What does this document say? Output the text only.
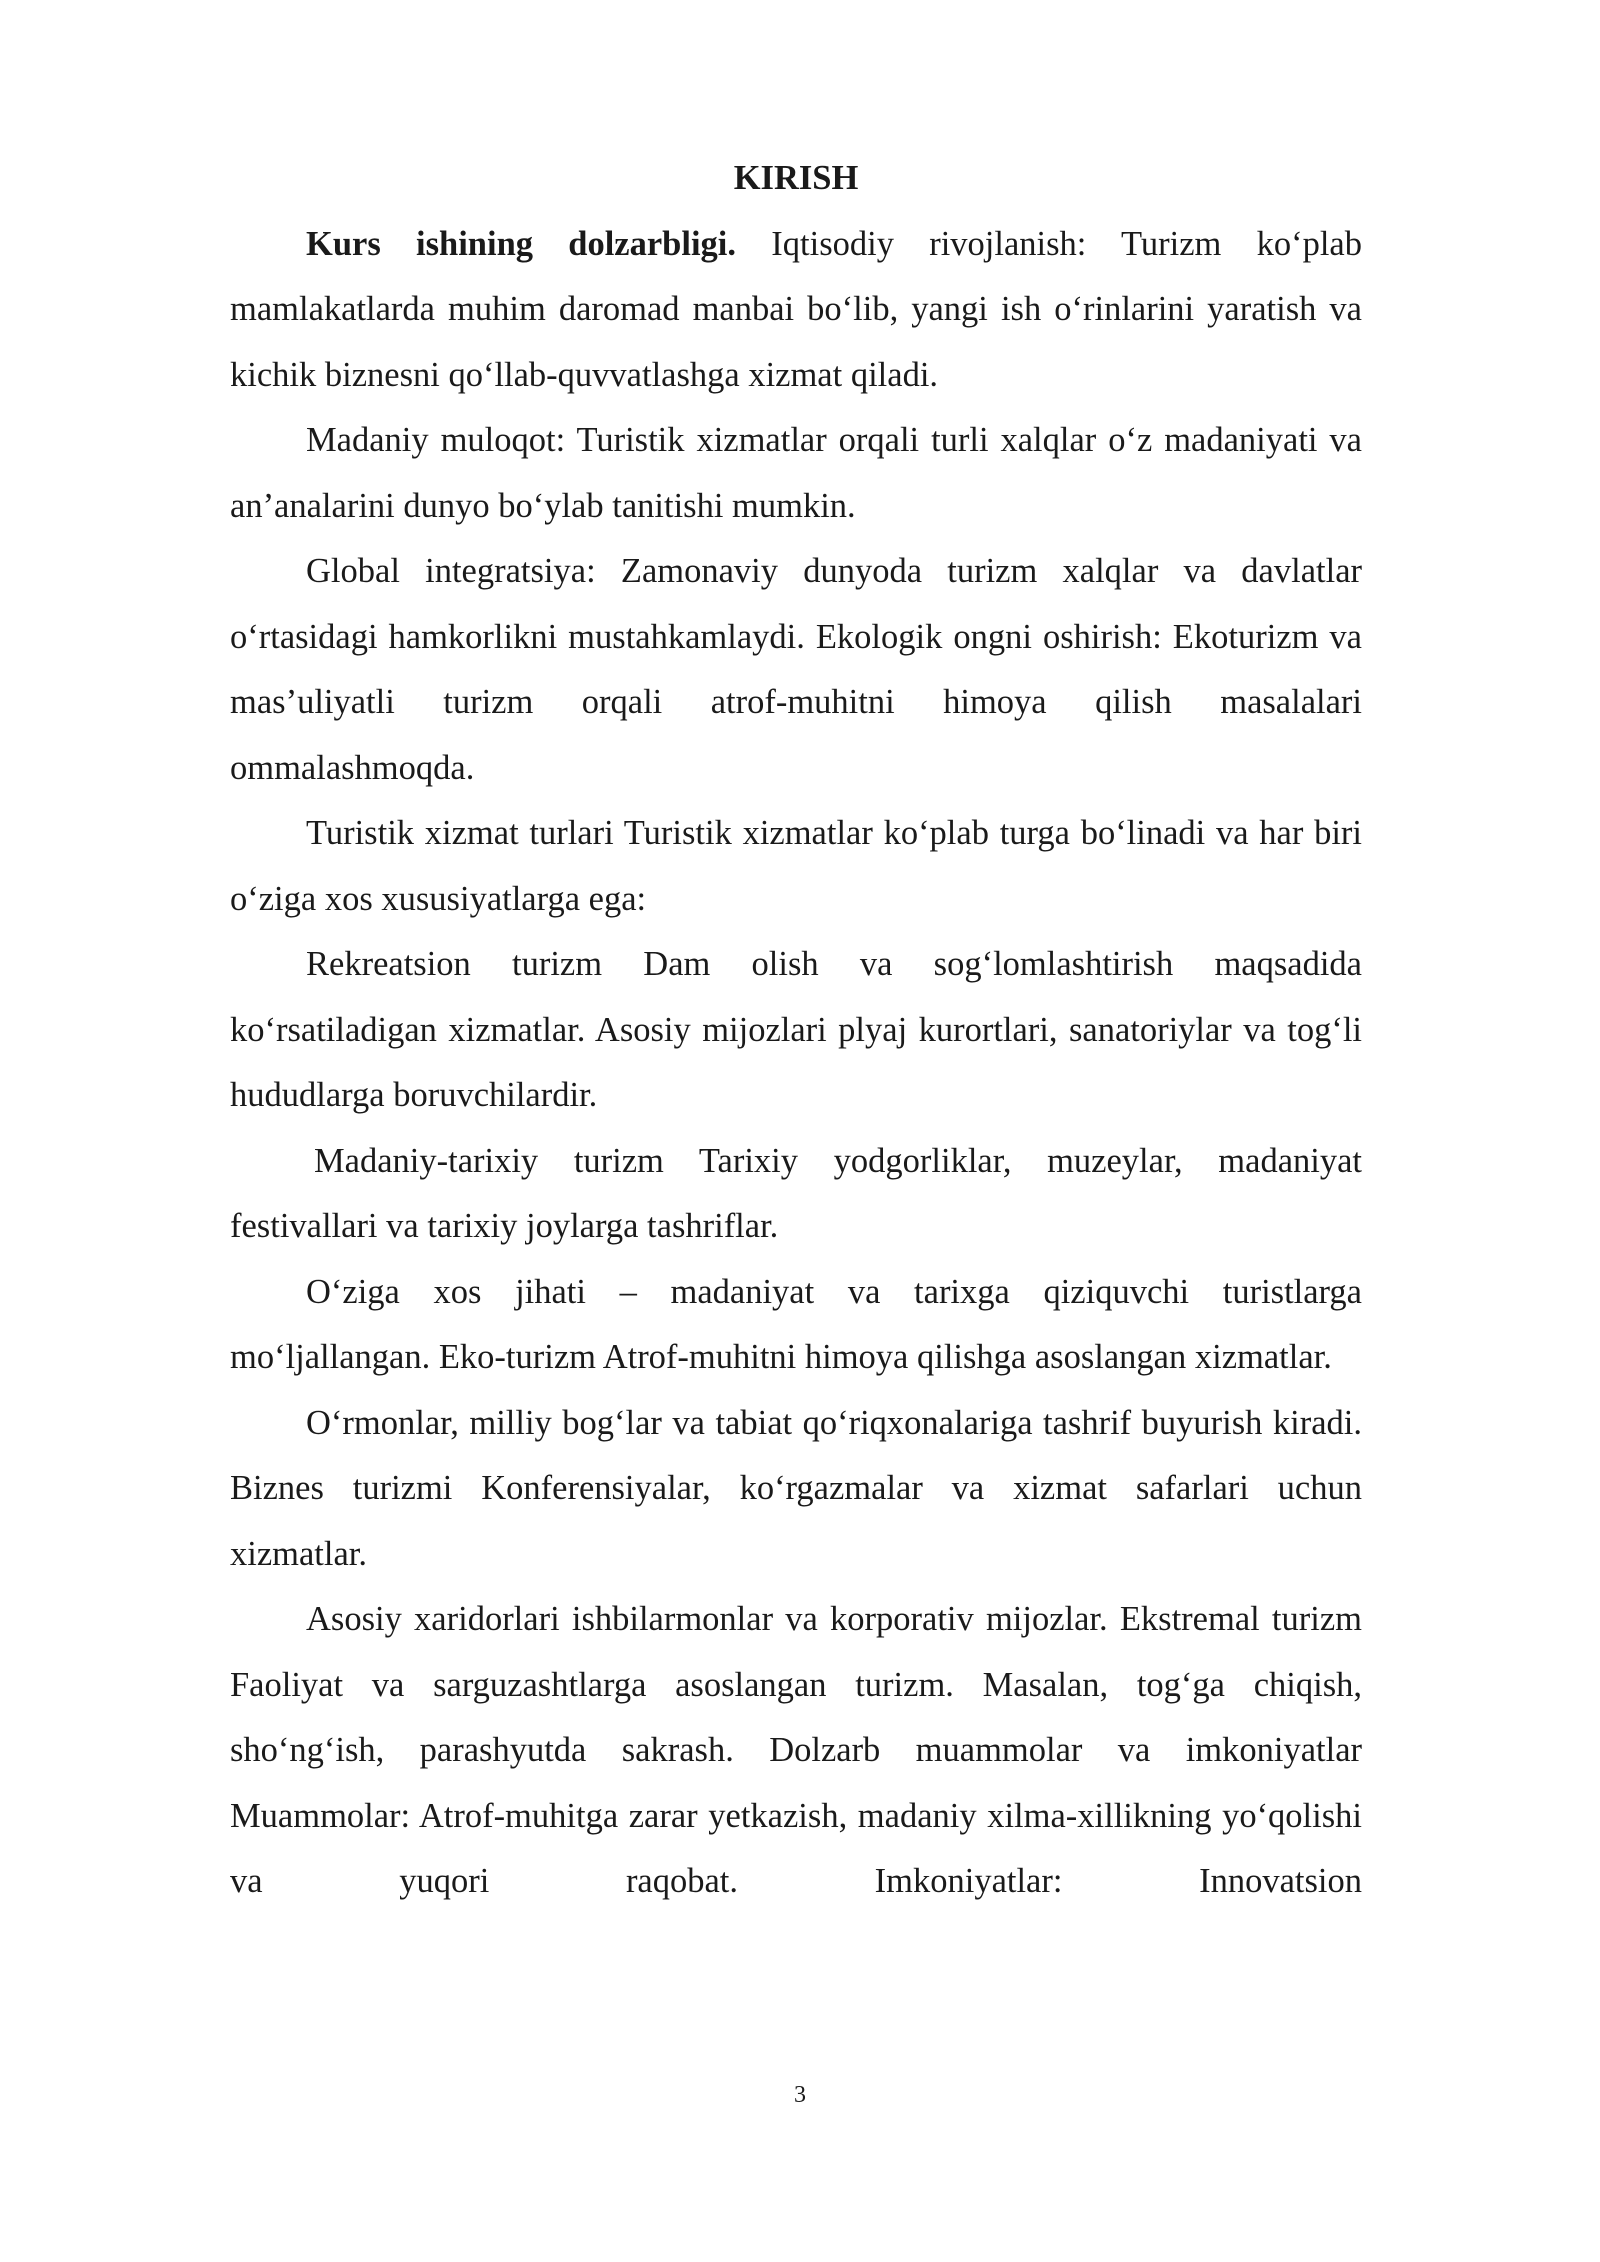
KIRISH

Kurs ishining dolzarbligi. Iqtisodiy rivojlanish: Turizm ko‘plab mamlakatlarda muhim daromad manbai bo‘lib, yangi ish o‘rinlarini yaratish va kichik biznesni qo‘llab-quvvatlashga xizmat qiladi.

Madaniy muloqot: Turistik xizmatlar orqali turli xalqlar o‘z madaniyati va an’analarini dunyo bo‘ylab tanitishi mumkin.

Global integratsiya: Zamonaviy dunyoda turizm xalqlar va davlatlar o‘rtasidagi hamkorlikni mustahkamlaydi. Ekologik ongni oshirish: Ekoturizm va mas’uliyatli turizm orqali atrof-muhitni himoya qilish masalalari ommalashmoqda.

Turistik xizmat turlari Turistik xizmatlar ko‘plab turga bo‘linadi va har biri o‘ziga xos xususiyatlarga ega:

Rekreatsion turizm Dam olish va sog‘lomlashtirish maqsadida ko‘rsatiladigan xizmatlar. Asosiy mijozlari plyaj kurortlari, sanatoriylar va tog‘li hududlarga boruvchilardir.

Madaniy-tarixiy turizm Tarixiy yodgorliklar, muzeylar, madaniyat festivallari va tarixiy joylarga tashriflar.

O‘ziga xos jihati – madaniyat va tarixga qiziquvchi turistlarga mo‘ljallangan. Eko-turizm Atrof-muhitni himoya qilishga asoslangan xizmatlar.

O‘rmonlar, milliy bog‘lar va tabiat qo‘riqxonalariga tashrif buyurish kiradi. Biznes turizmi Konferensiyalar, ko‘rgazmalar va xizmat safarlari uchun xizmatlar.

Asosiy xaridorlari ishbilarmonlar va korporativ mijozlar. Ekstremal turizm Faoliyat va sarguzashtlarga asoslangan turizm. Masalan, tog‘ga chiqish, sho‘ng‘ish, parashyutda sakrash. Dolzarb muammolar va imkoniyatlar Muammolar: Atrof-muhitga zarar yetkazish, madaniy xilma-xillikning yo‘qolishi va yuqori raqobat. Imkoniyatlar: Innovatsion

3
